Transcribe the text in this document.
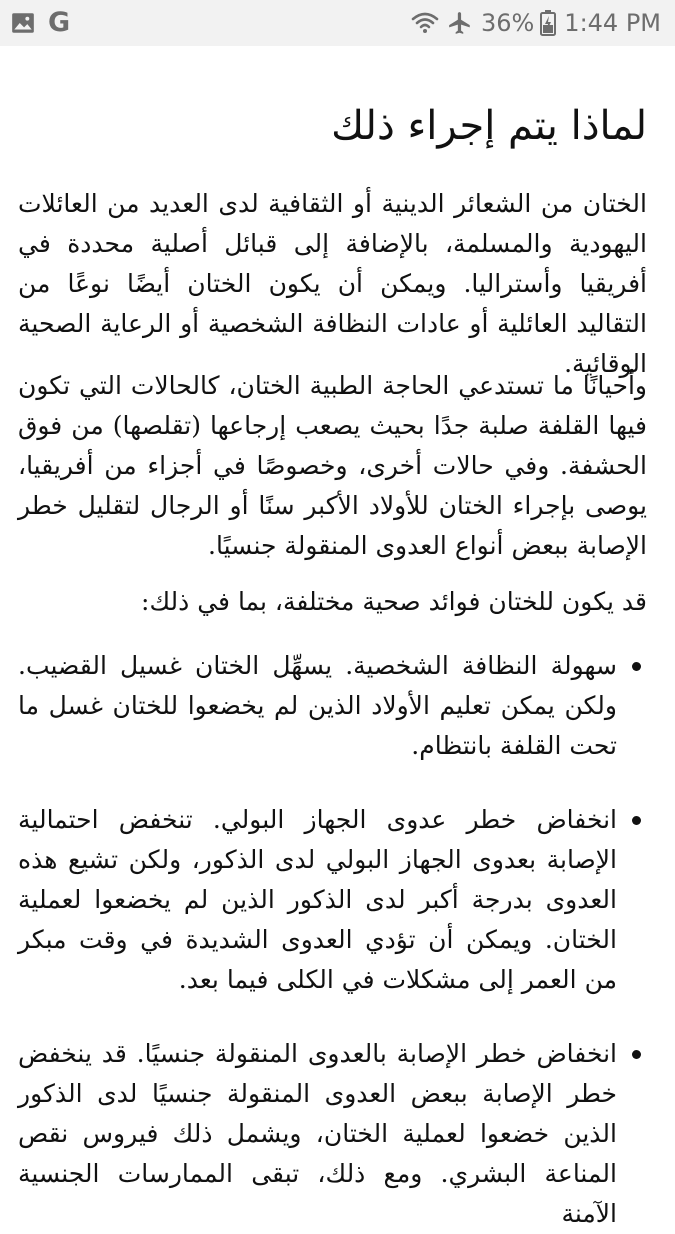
G	36% 1:44 PM
لماذا يتم إجراء ذلك

الختان من الشعائر الدينية أو الثقافية لدى العديد من العائلات اليهودية والمسلمة، بالإضافة إلى قبائل أصلية محددة في أفريقيا وأستراليا. ويمكن أن يكون الختان أيضًا نوعًا من التقاليد العائلية أو عادات النظافة الشخصية أو الرعاية الصحية الوقائية.

وأحيانًا ما تستدعي الحاجة الطبية الختان، كالحالات التي تكون فيها القلفة صلبة جدًا بحيث يصعب إرجاعها (تقلصها) من فوق الحشفة. وفي حالات أخرى، وخصوصًا في أجزاء من أفريقيا، يوصى بإجراء الختان للأولاد الأكبر سنًا أو الرجال لتقليل خطر الإصابة ببعض أنواع العدوى المنقولة جنسيًا.

قد يكون للختان فوائد صحية مختلفة، بما في ذلك:

سهولة النظافة الشخصية. يسهِّل الختان غسيل القضيب. ولكن يمكن تعليم الأولاد الذين لم يخضعوا للختان غسل ما تحت القلفة بانتظام.
انخفاض خطر عدوى الجهاز البولي. تنخفض احتمالية الإصابة بعدوى الجهاز البولي لدى الذكور، ولكن تشيع هذه العدوى بدرجة أكبر لدى الذكور الذين لم يخضعوا لعملية الختان. ويمكن أن تؤدي العدوى الشديدة في وقت مبكر من العمر إلى مشكلات في الكلى فيما بعد.
انخفاض خطر الإصابة بالعدوى المنقولة جنسيًا. قد ينخفض خطر الإصابة ببعض العدوى المنقولة جنسيًا لدى الذكور الذين خضعوا لعملية الختان، ويشمل ذلك فيروس نقص المناعة البشري. ومع ذلك، تبقى الممارسات الجنسية الآمنة
